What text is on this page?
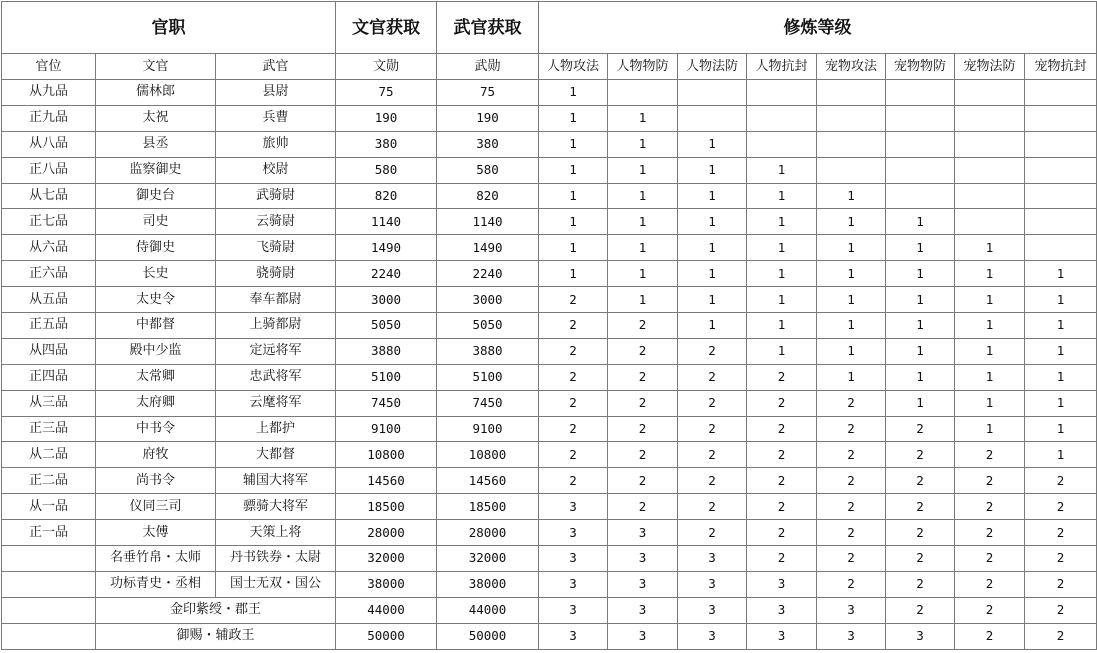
官职			文官获取	武官获取	修炼等级							
官位	文官	武官	文勋	武勋	人物攻法	人物物防	人物法防	人物抗封	宠物攻法	宠物物防	宠物法防	宠物抗封
从九品	儒林郎	县尉	75	75	1							
正九品	太祝	兵曹	190	190	1	1						
从八品	县丞	旅帅	380	380	1	1	1					
正八品	监察御史	校尉	580	580	1	1	1	1				
从七品	御史台	武骑尉	820	820	1	1	1	1	1			
正七品	司史	云骑尉	1140	1140	1	1	1	1	1	1		
从六品	侍御史	飞骑尉	1490	1490	1	1	1	1	1	1	1	
正六品	长史	骁骑尉	2240	2240	1	1	1	1	1	1	1	1
从五品	太史令	奉车都尉	3000	3000	2	1	1	1	1	1	1	1
正五品	中都督	上骑都尉	5050	5050	2	2	1	1	1	1	1	1
从四品	殿中少监	定远将军	3880	3880	2	2	2	1	1	1	1	1
正四品	太常卿	忠武将军	5100	5100	2	2	2	2	1	1	1	1
从三品	太府卿	云麾将军	7450	7450	2	2	2	2	2	1	1	1
正三品	中书令	上都护	9100	9100	2	2	2	2	2	2	1	1
从二品	府牧	大都督	10800	10800	2	2	2	2	2	2	2	1
正二品	尚书令	辅国大将军	14560	14560	2	2	2	2	2	2	2	2
从一品	仪同三司	骠骑大将军	18500	18500	3	2	2	2	2	2	2	2
正一品	太傅	天策上将	28000	28000	3	3	2	2	2	2	2	2
	名垂竹帛・太师	丹书铁券・太尉	32000	32000	3	3	3	2	2	2	2	2
	功标青史・丞相	国士无双・国公	38000	38000	3	3	3	3	2	2	2	2
	金印紫绶・郡王		44000	44000	3	3	3	3	3	2	2	2
	御赐・辅政王		50000	50000	3	3	3	3	3	3	2	2
